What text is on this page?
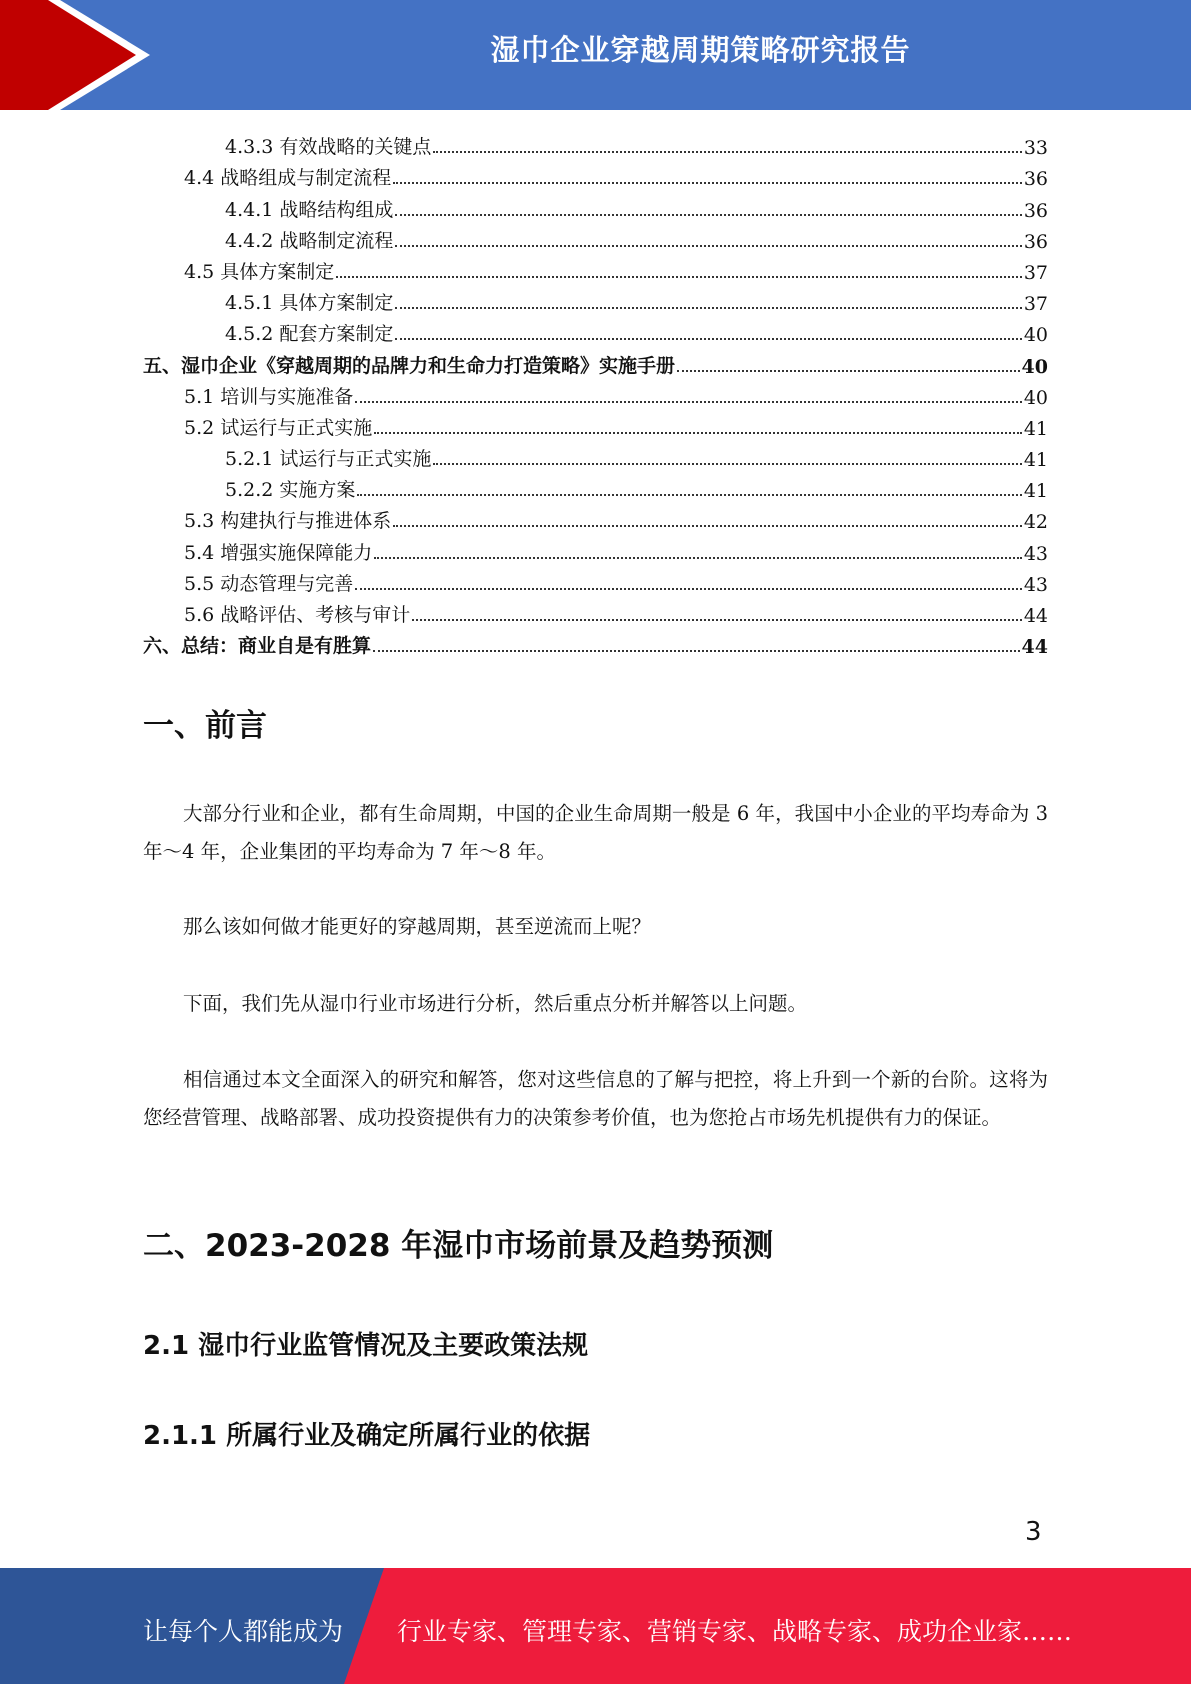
湿巾企业穿越周期策略研究报告
4.3.3 有效战略的关键点	33
4.4 战略组成与制定流程	36
4.4.1 战略结构组成	36
4.4.2 战略制定流程	36
4.5 具体方案制定	37
4.5.1 具体方案制定	37
4.5.2 配套方案制定	40
五、湿巾企业《穿越周期的品牌力和生命力打造策略》实施手册	40
5.1 培训与实施准备	40
5.2 试运行与正式实施	41
5.2.1 试运行与正式实施	41
5.2.2 实施方案	41
5.3 构建执行与推进体系	42
5.4 增强实施保障能力	43
5.5 动态管理与完善	43
5.6 战略评估、考核与审计	44
六、总结：商业自是有胜算	44
一、前言

大部分行业和企业，都有生命周期，中国的企业生命周期一般是 6 年，我国中小企业的平均寿命为 3 年～4 年，企业集团的平均寿命为 7 年～8 年。

那么该如何做才能更好的穿越周期，甚至逆流而上呢？

下面，我们先从湿巾行业市场进行分析，然后重点分析并解答以上问题。

相信通过本文全面深入的研究和解答，您对这些信息的了解与把控，将上升到一个新的台阶。这将为您经营管理、战略部署、成功投资提供有力的决策参考价值，也为您抢占市场先机提供有力的保证。

二、2023-2028 年湿巾市场前景及趋势预测
2.1 湿巾行业监管情况及主要政策法规
2.1.1 所属行业及确定所属行业的依据
3
让每个人都能成为 行业专家、管理专家、营销专家、战略专家、成功企业家……
